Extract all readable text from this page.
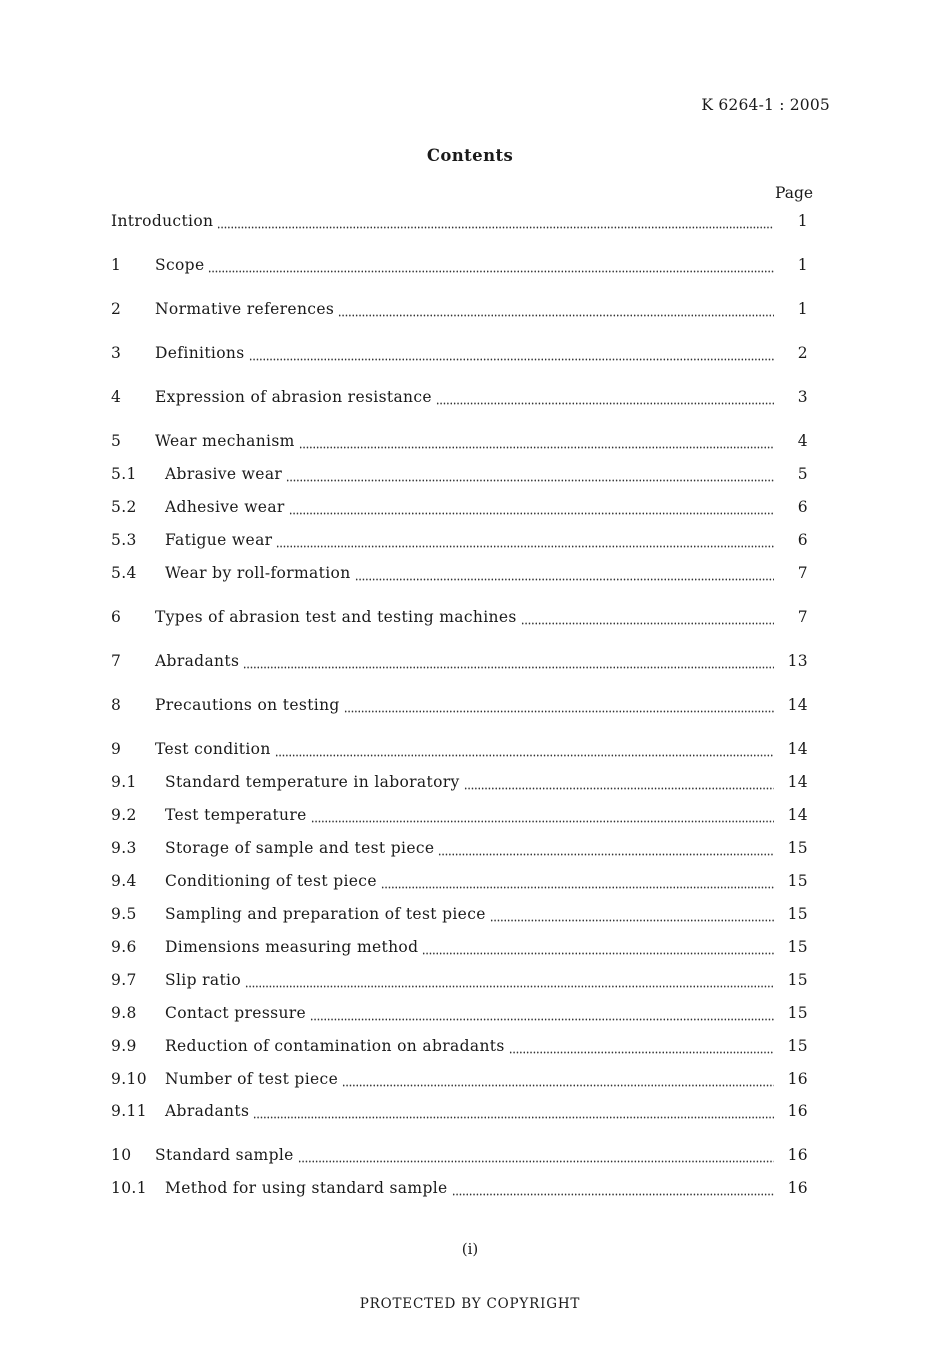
K 6264-1 : 2005
Contents
Page
Introduction	1
1	Scope	1
2	Normative references	1
3	Definitions	2
4	Expression of abrasion resistance	3
5	Wear mechanism	4
5.1	Abrasive wear	5
5.2	Adhesive wear	6
5.3	Fatigue wear	6
5.4	Wear by roll-formation	7
6	Types of abrasion test and testing machines	7
7	Abradants	13
8	Precautions on testing	14
9	Test condition	14
9.1	Standard temperature in laboratory	14
9.2	Test temperature	14
9.3	Storage of sample and test piece	15
9.4	Conditioning of test piece	15
9.5	Sampling and preparation of test piece	15
9.6	Dimensions measuring method	15
9.7	Slip ratio	15
9.8	Contact pressure	15
9.9	Reduction of contamination on abradants	15
9.10	Number of test piece	16
9.11	Abradants	16
10	Standard sample	16
10.1	Method for using standard sample	16
(i)
PROTECTED BY COPYRIGHT
